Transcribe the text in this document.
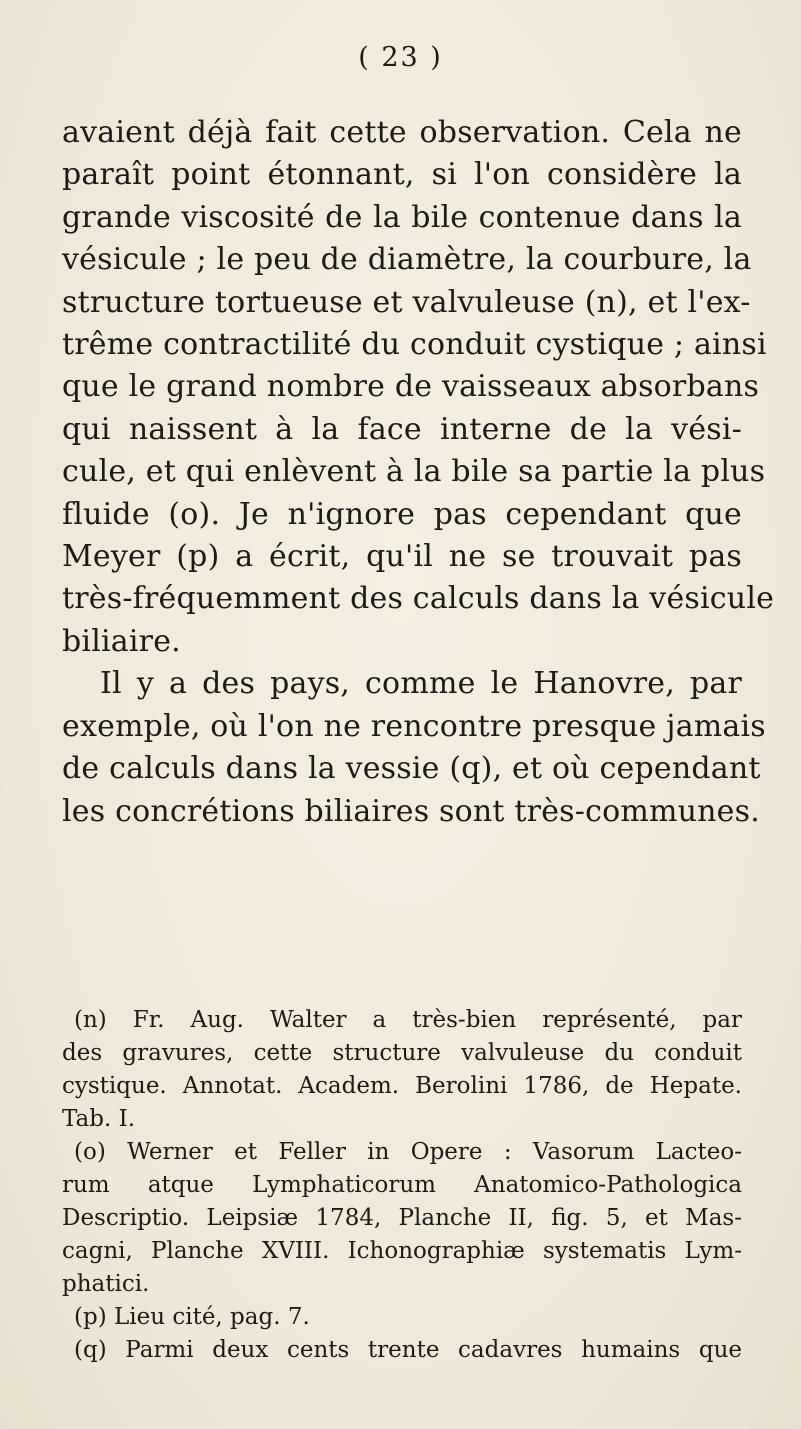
( 23 )
avaient déjà fait cette observation. Cela ne
paraît point étonnant, si l'on considère la
grande viscosité de la bile contenue dans la
vésicule ; le peu de diamètre, la courbure, la
structure tortueuse et valvuleuse (n), et l'ex-
trême contractilité du conduit cystique ; ainsi
que le grand nombre de vaisseaux absorbans
qui naissent à la face interne de la vési-
cule, et qui enlèvent à la bile sa partie la plus
fluide (o). Je n'ignore pas cependant que
Meyer (p) a écrit, qu'il ne se trouvait pas
très-fréquemment des calculs dans la vésicule
biliaire.
Il y a des pays, comme le Hanovre, par
exemple, où l'on ne rencontre presque jamais
de calculs dans la vessie (q), et où cependant
les concrétions biliaires sont très-communes.
(n) Fr. Aug. Walter a très-bien représenté, par
des gravures, cette structure valvuleuse du conduit
cystique. Annotat. Academ. Berolini 1786, de Hepate.
Tab. I.
(o) Werner et Feller in Opere : Vasorum Lacteo-
rum atque Lymphaticorum Anatomico-Pathologica
Descriptio. Leipsiæ 1784, Planche II, fig. 5, et Mas-
cagni, Planche XVIII. Ichonographiæ systematis Lym-
phatici.
(p) Lieu cité, pag. 7.
(q) Parmi deux cents trente cadavres humains que
